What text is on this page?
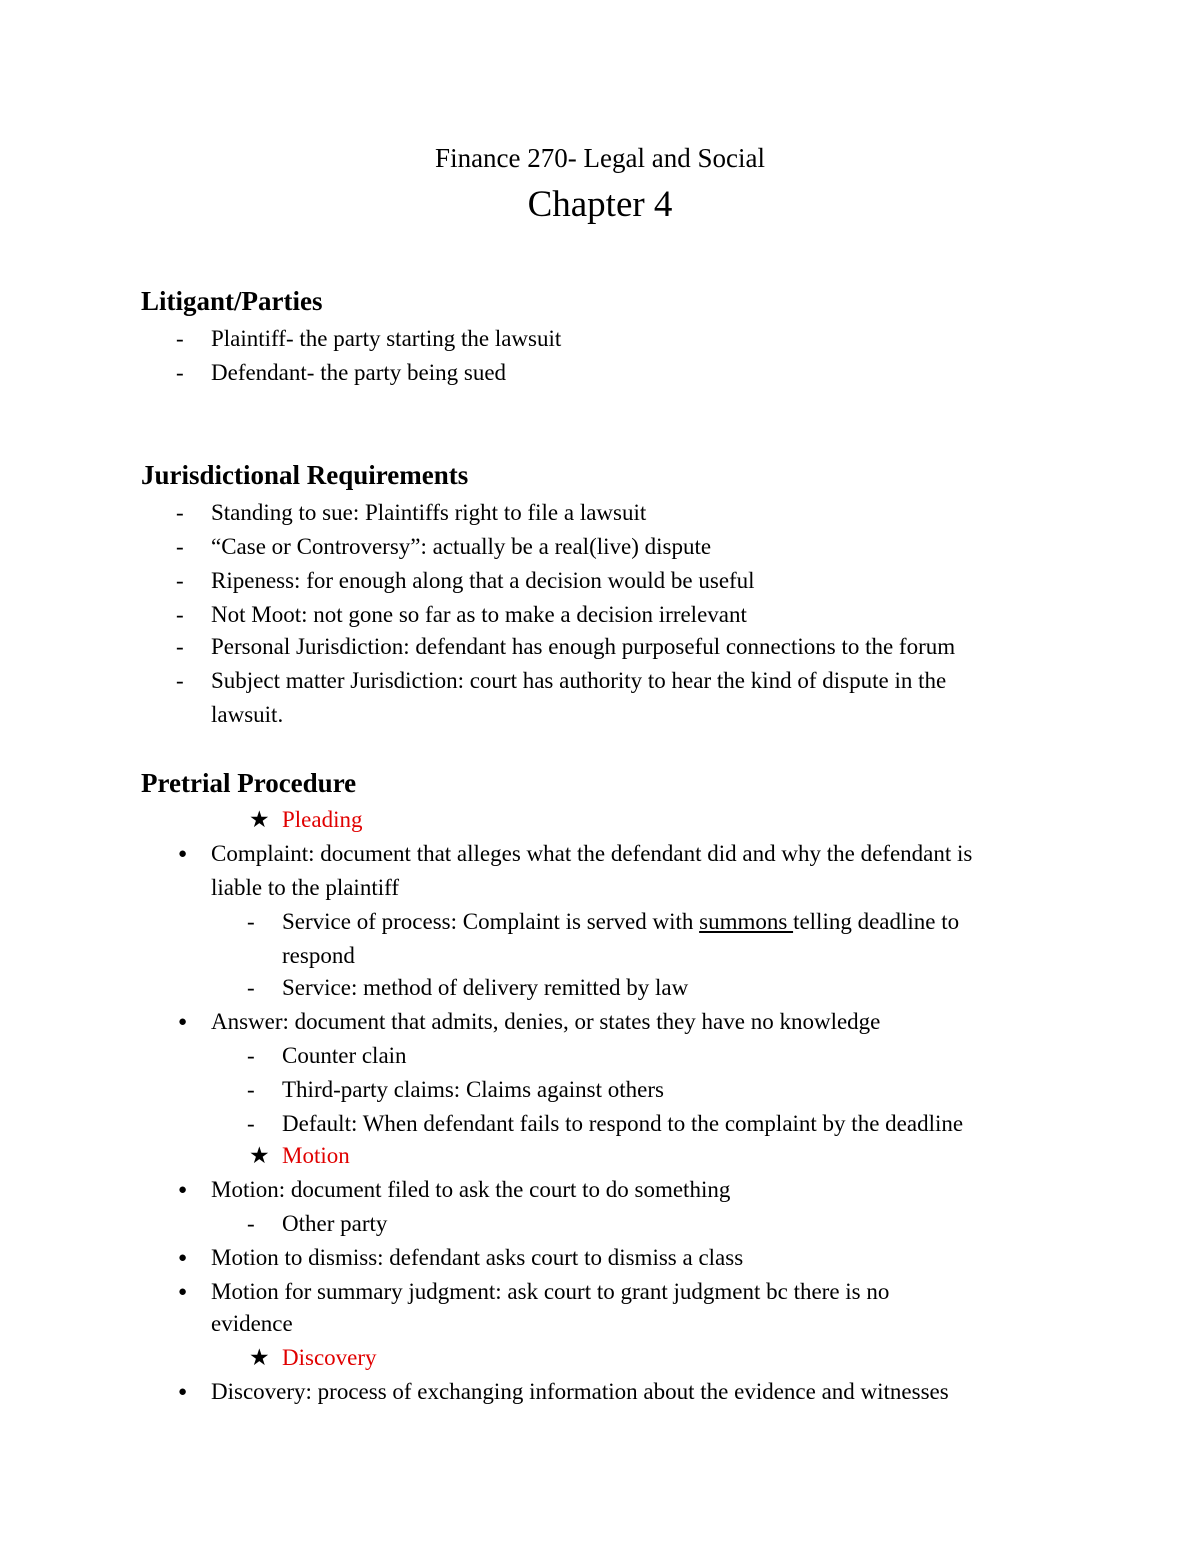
Finance 270- Legal and Social
Chapter 4
Litigant/Parties
-	Plaintiff- the party starting the lawsuit
-	Defendant- the party being sued
Jurisdictional Requirements
-	Standing to sue: Plaintiffs right to file a lawsuit
-	“Case or Controversy”: actually be a real(live) dispute
-	Ripeness: for enough along that a decision would be useful
-	Not Moot: not gone so far as to make a decision irrelevant
-	Personal Jurisdiction: defendant has enough purposeful connections to the forum
-	Subject matter Jurisdiction: court has authority to hear the kind of dispute in the
lawsuit.
Pretrial Procedure
★ Pleading
● Complaint: document that alleges what the defendant did and why the defendant is
liable to the plaintiff
-	Service of process: Complaint is served with summons telling deadline to
respond
-	Service: method of delivery remitted by law
● Answer: document that admits, denies, or states they have no knowledge
-	Counter clain
-	Third-party claims: Claims against others
-	Default: When defendant fails to respond to the complaint by the deadline
★ Motion
● Motion: document filed to ask the court to do something
-	Other party
● Motion to dismiss: defendant asks court to dismiss a class
● Motion for summary judgment: ask court to grant judgment bc there is no
evidence
★ Discovery
● Discovery: process of exchanging information about the evidence and witnesses
